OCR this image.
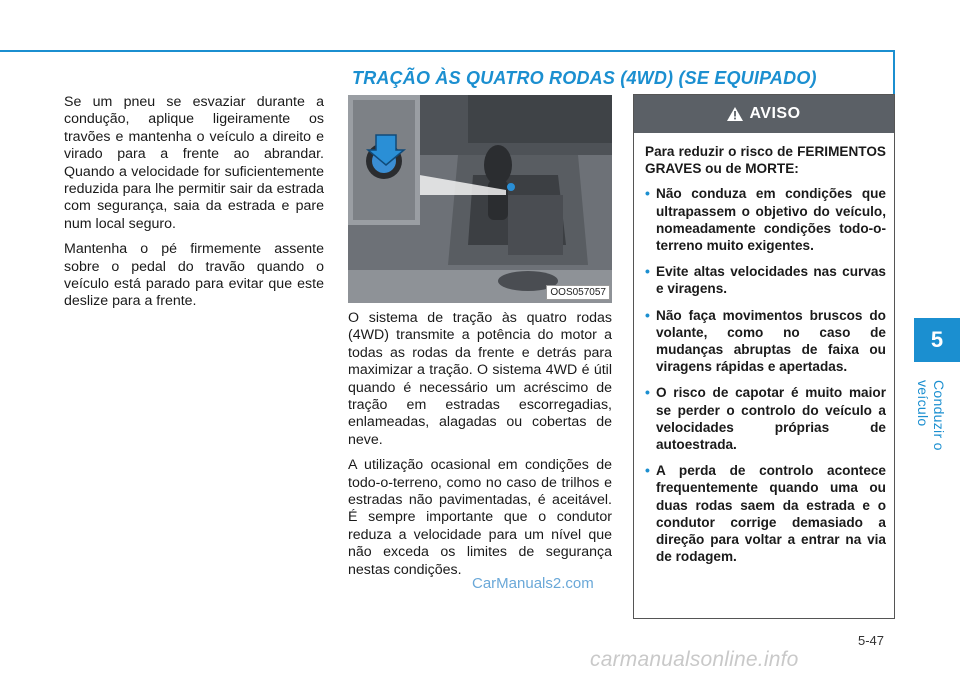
TRAÇÃO ÀS QUATRO RODAS (4WD) (SE EQUIPADO)

Se um pneu se esvaziar durante a condução, aplique ligeiramente os travões e mantenha o veículo a direito e virado para a frente ao abrandar. Quando a velocidade for suficientemente reduzida para lhe permitir sair da estrada com segurança, saia da estrada e pare num local seguro.

Mantenha o pé firmemente assente sobre o pedal do travão quando o veículo está parado para evitar que este deslize para a frente.

OOS057057

O sistema de tração às quatro rodas (4WD) transmite a potência do motor a todas as rodas da frente e detrás para maximizar a tração. O sistema 4WD é útil quando é necessário um acréscimo de tração em estradas escorregadias, enlameadas, alagadas ou cobertas de neve.

A utilização ocasional em condições de todo-o-terreno, como no caso de trilhos e estradas não pavimentadas, é aceitável. É sempre importante que o condutor reduza a velocidade para um nível que não exceda os limites de segurança nestas condições.

AVISO

Para reduzir o risco de FERIMENTOS GRAVES ou de MORTE:

• Não conduza em condições que ultrapassem o objetivo do veículo, nomeadamente condições todo-o-terreno muito exigentes.
• Evite altas velocidades nas curvas e viragens.
• Não faça movimentos bruscos do volante, como no caso de mudanças abruptas de faixa ou viragens rápidas e apertadas.
• O risco de capotar é muito maior se perder o controlo do veículo a velocidades próprias de autoestrada.
• A perda de controlo acontece frequentemente quando uma ou duas rodas saem da estrada e o condutor corrige demasiado a direção para voltar a entrar na via de rodagem.
5
Conduzir o veículo
CarManuals2.com
5-47
carmanualsonline.info
